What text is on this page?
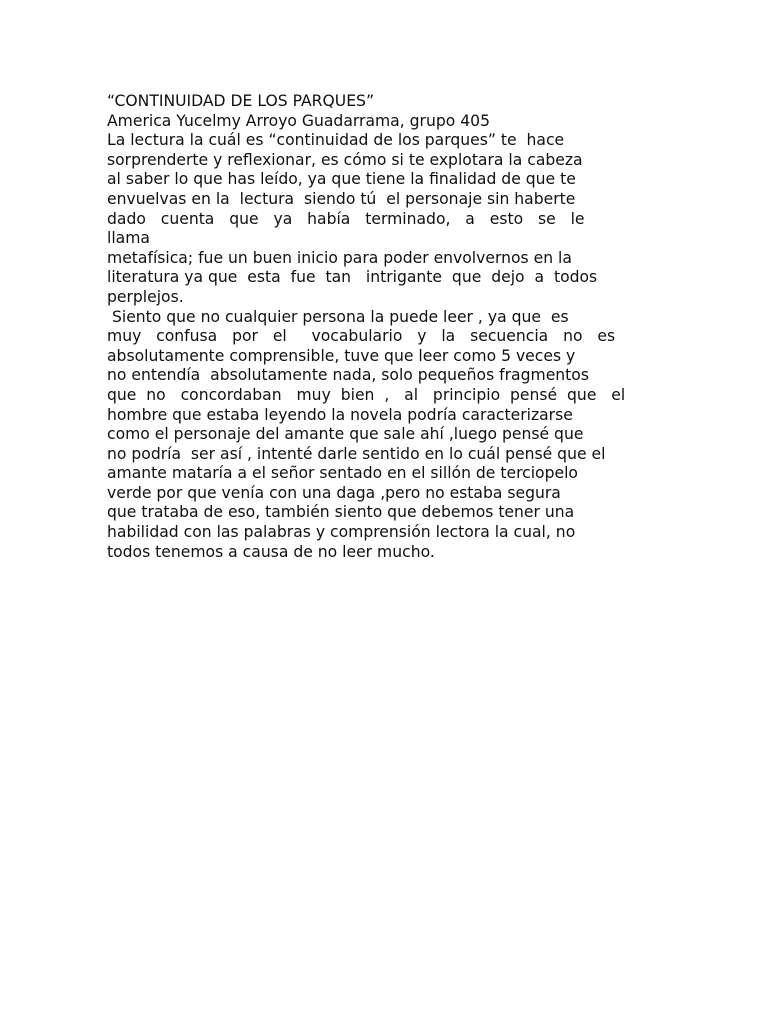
“CONTINUIDAD DE LOS PARQUES”
America Yucelmy Arroyo Guadarrama, grupo 405
La lectura la cuál es “continuidad de los parques” te  hace
sorprenderte y reflexionar, es cómo si te explotara la cabeza
al saber lo que has leído, ya que tiene la finalidad de que te
envuelvas en la  lectura  siendo tú  el personaje sin haberte
dado   cuenta   que   ya   había   terminado,   a   esto   se   le
llama
metafísica; fue un buen inicio para poder envolvernos en la
literatura ya que  esta  fue  tan   intrigante  que  dejo  a  todos
perplejos.
Siento que no cualquier persona la puede leer , ya que  es
muy   confusa   por   el     vocabulario   y   la   secuencia   no   es
absolutamente comprensible, tuve que leer como 5 veces y
no entendía  absolutamente nada, solo pequeños fragmentos
que  no   concordaban   muy  bien  ,   al   principio  pensé  que   el
hombre que estaba leyendo la novela podría caracterizarse
como el personaje del amante que sale ahí ,luego pensé que
no podría  ser así , intenté darle sentido en lo cuál pensé que el
amante mataría a el señor sentado en el sillón de terciopelo
verde por que venía con una daga ,pero no estaba segura
que trataba de eso, también siento que debemos tener una
habilidad con las palabras y comprensión lectora la cual, no
todos tenemos a causa de no leer mucho.
